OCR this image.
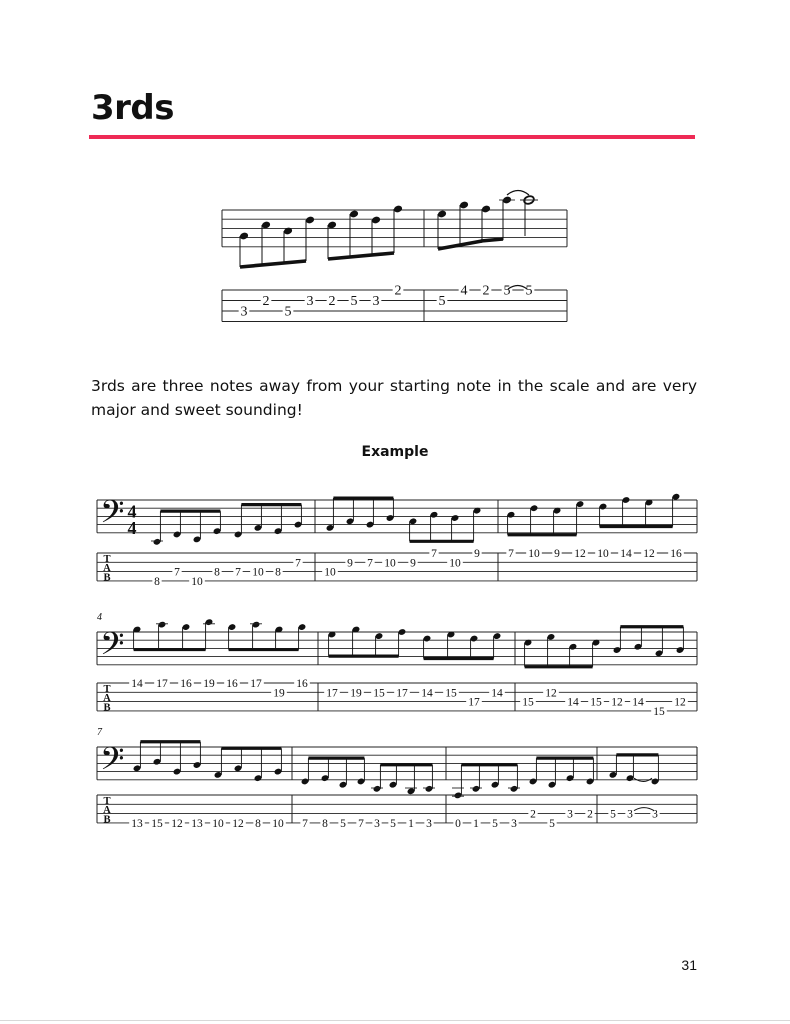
3rds
3
2
5
3 2 5 3
2
5
4 2 5 5
𝄢
T
A
B
4
4
8
7
10
8 7 10 8
7
10
9 7 10 9
7
10
9 7 10 9 12 10 14 12 16
𝄢
T
A
B
4
14 17 16 19 16 17
19
16
17 19 15 17 14 15
17
14
15
12
14 15 12 14
15
12
𝄢
T
A
B
7
13 15 12 13 10 12 8 10 7 8 5 7 3 5 1 3 0 1 5 3
2
5
3 2 5 3 3
3rds are three notes away from your starting note in the scale and are very major and sweet sounding!
Example
31
